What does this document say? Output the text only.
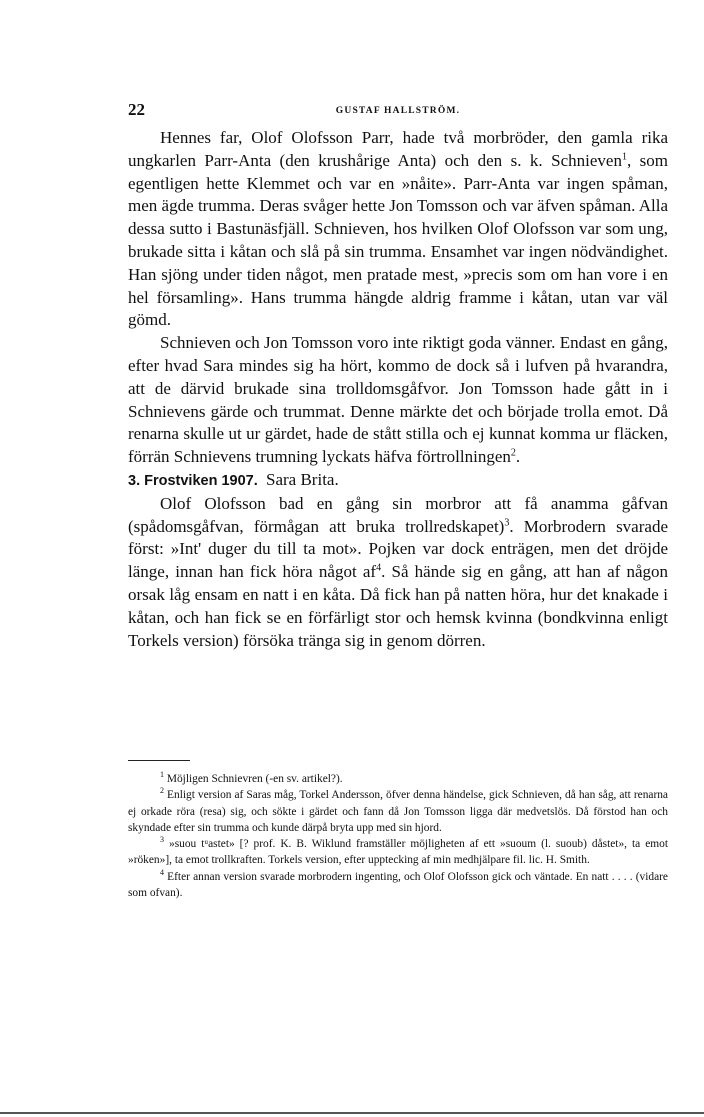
22	GUSTAF HALLSTRÖM.

Hennes far, Olof Olofsson Parr, hade två morbröder, den gamla rika ungkarlen Parr-Anta (den krushårige Anta) och den s. k. Schnieven$^1$, som egentligen hette Klemmet och var en »nåite». Parr-Anta var ingen spåman, men ägde trumma. Deras svåger hette Jon Tomsson och var äfven spåman. Alla dessa sutto i Bastunäsfjäll. Schnieven, hos hvilken Olof Olofsson var som ung, brukade sitta i kåtan och slå på sin trumma. Ensamhet var ingen nödvändighet. Han sjöng under tiden något, men pratade mest, »precis som om han vore i en hel församling». Hans trumma hängde aldrig framme i kåtan, utan var väl gömd.

Schnieven och Jon Tomsson voro inte riktigt goda vänner. Endast en gång, efter hvad Sara mindes sig ha hört, kommo de dock så i lufven på hvarandra, att de därvid brukade sina trolldomsgåfvor. Jon Tomsson hade gått in i Schnievens gärde och trummat. Denne märkte det och började trolla emot. Då renarna skulle ut ur gärdet, hade de stått stilla och ej kunnat komma ur fläcken, förrän Schnievens trumning lyckats häfva förtrollningen$^2$.

3. Frostviken 1907. Sara Brita.

Olof Olofsson bad en gång sin morbror att få anamma gåfvan (spådomsgåfvan, förmågan att bruka trollredskapet)$^3$. Morbrodern svarade först: »Int' duger du till ta mot». Pojken var dock enträgen, men det dröjde länge, innan han fick höra något $af^4$. Så hände sig en gång, att han af någon orsak låg ensam en natt i en kåta. Då fick han på natten höra, hur det knakade i kåtan, och han fick se en förfärligt stor och hemsk kvinna (bondkvinna enligt Torkels version) försöka tränga sig in genom dörren.

$^1$ Möjligen Schnievren (-en sv. artikel?).

$^2$ Enligt version af Saras måg, Torkel Andersson, öfver denna händelse, gick Schnieven, då han såg, att renarna ej orkade röra (resa) sig, och sökte i gärdet och fann då Jon Tomsson ligga där medvetslös. Då förstod han och skyndade efter sin trumma och kunde därpå bryta upp med sin hjord.

$^3$ »suou tᵘastet» [? prof. K. B. Wiklund framställer möjligheten af ett »suoum (l. suoub) dåstet», ta emot »röken»], ta emot trollkraften. Torkels version, efter upptecking af min medhjälpare fil. lic. H. Smith.

$^4$ Efter annan version svarade morbrodern ingenting, och Olof Olofsson gick och väntade. En natt . . . . (vidare som ofvan).
